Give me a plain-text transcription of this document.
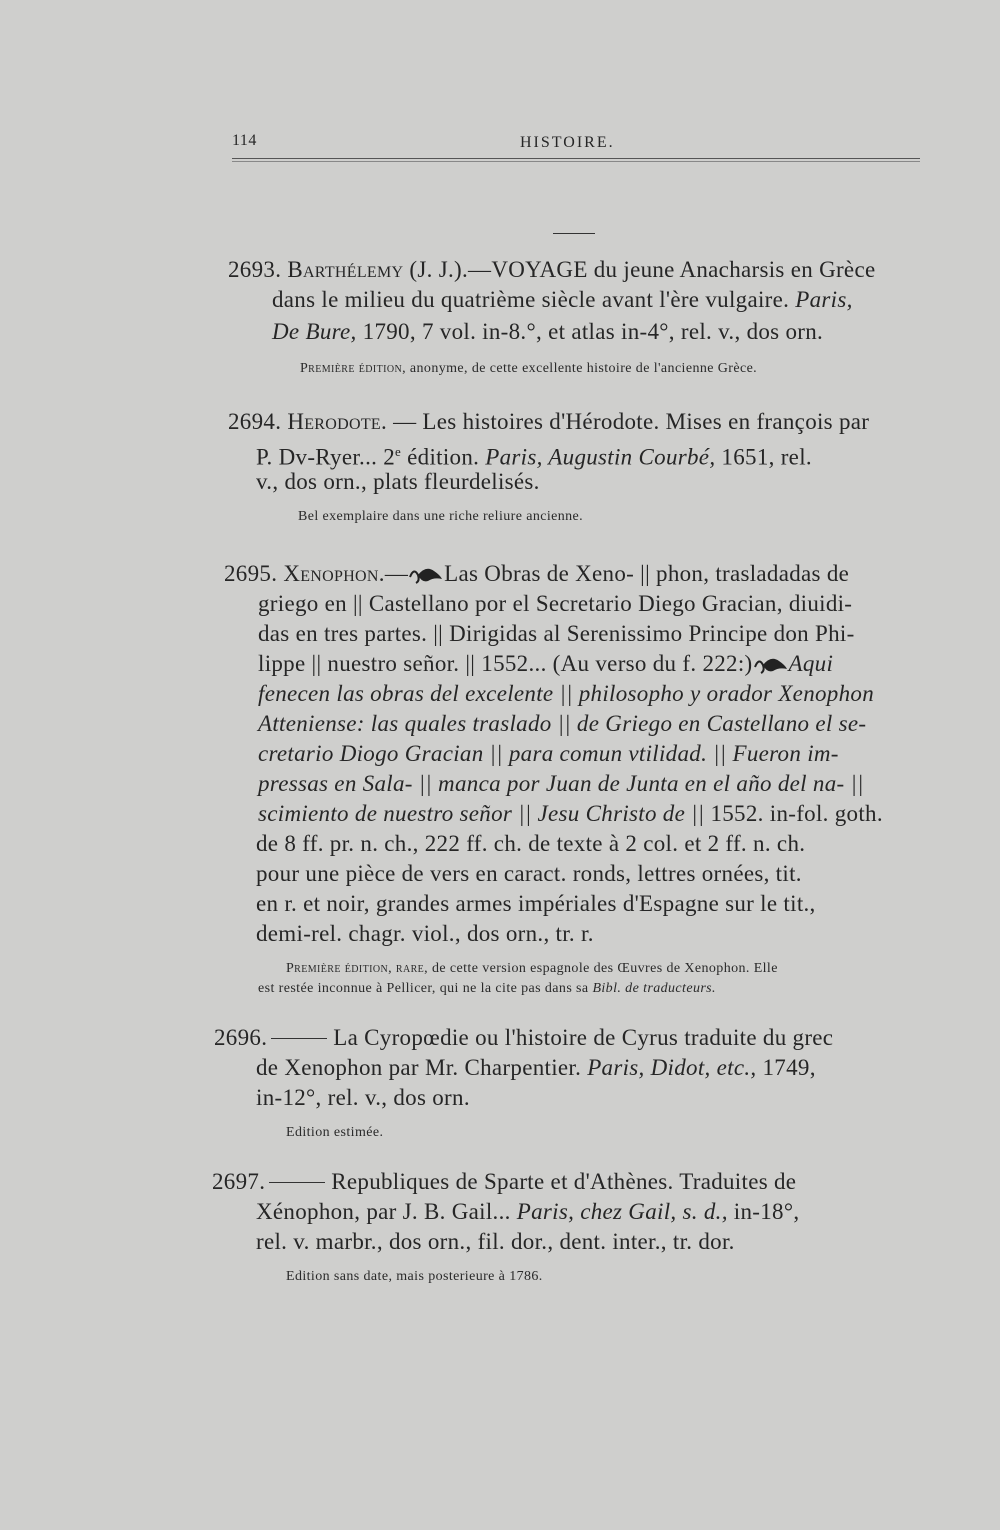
114	HISTOIRE.
2693. Barthélemy (J. J.).—VOYAGE du jeune Anacharsis en Grèce
dans le milieu du quatrième siècle avant l'ère vulgaire. Paris,
De Bure, 1790, 7 vol. in-8.°, et atlas in-4°, rel. v., dos orn.
Première édition, anonyme, de cette excellente histoire de l'ancienne Grèce.
2694. Herodote. — Les histoires d'Hérodote. Mises en françois par
P. Dv-Ryer... 2e édition. Paris, Augustin Courbé, 1651, rel.
v., dos orn., plats fleurdelisés.
Bel exemplaire dans une riche reliure ancienne.
2695. Xenophon.— Las Obras de Xeno- || phon, trasladadas de
griego en || Castellano por el Secretario Diego Gracian, diuidi-
das en tres partes. || Dirigidas al Serenissimo Principe don Phi-
lippe || nuestro señor. || 1552... (Au verso du f. 222:) Aqui
fenecen las obras del excelente || philosopho y orador Xenophon
Atteniense: las quales traslado || de Griego en Castellano el se-
cretario Diogo Gracian || para comun vtilidad. || Fueron im-
pressas en Sala- || manca por Juan de Junta en el año del na- ||
scimiento de nuestro señor || Jesu Christo de || 1552. in-fol. goth.
de 8 ff. pr. n. ch., 222 ff. ch. de texte à 2 col. et 2 ff. n. ch.
pour une pièce de vers en caract. ronds, lettres ornées, tit.
en r. et noir, grandes armes impériales d'Espagne sur le tit.,
demi-rel. chagr. viol., dos orn., tr. r.
Première édition, rare, de cette version espagnole des Œuvres de Xenophon. Elle
est restée inconnue à Pellicer, qui ne la cite pas dans sa Bibl. de traducteurs.
2696.	La Cyropœdie ou l'histoire de Cyrus traduite du grec
de Xenophon par Mr. Charpentier. Paris, Didot, etc., 1749,
in-12°, rel. v., dos orn.
Edition estimée.
2697.	Republiques de Sparte et d'Athènes. Traduites de
Xénophon, par J. B. Gail... Paris, chez Gail, s. d., in-18°,
rel. v. marbr., dos orn., fil. dor., dent. inter., tr. dor.
Edition sans date, mais posterieure à 1786.
